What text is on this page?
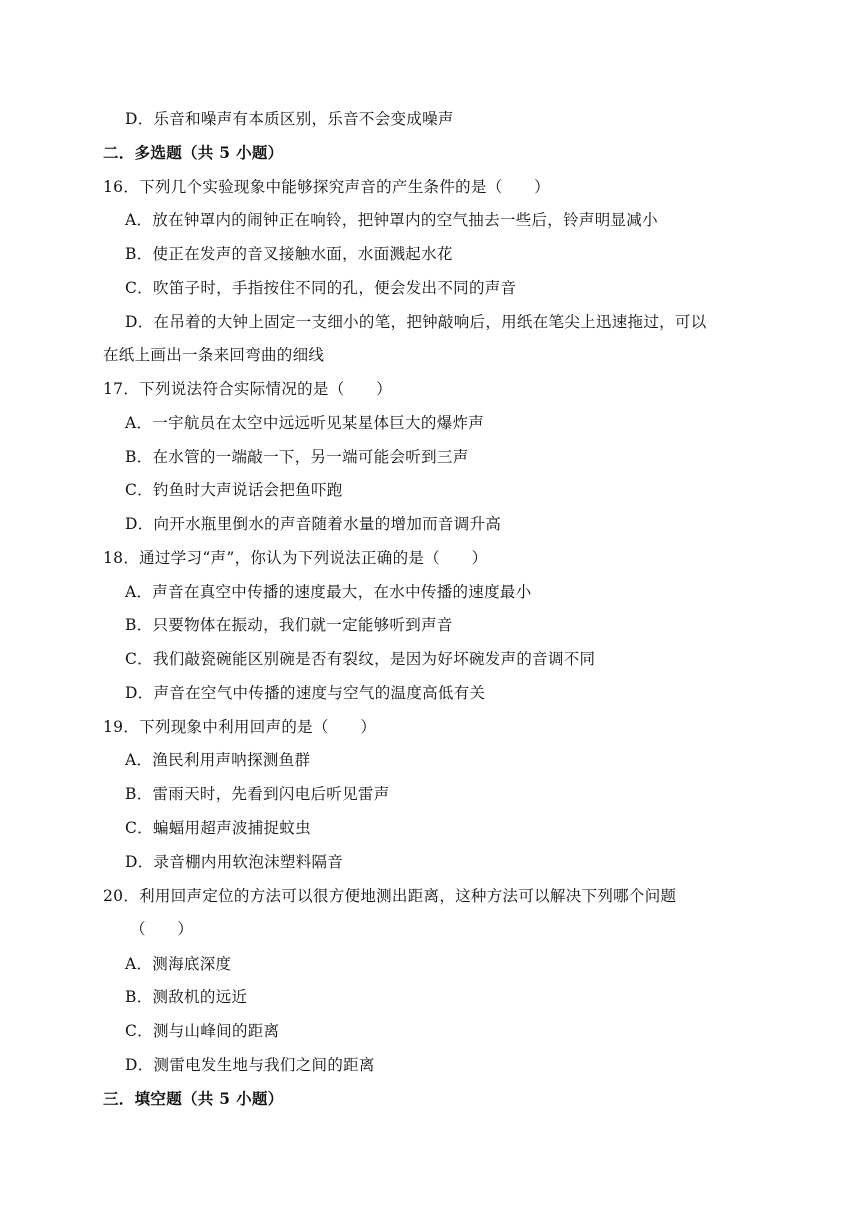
D．乐音和噪声有本质区别，乐音不会变成噪声
二．多选题（共 5 小题）
16．下列几个实验现象中能够探究声音的产生条件的是（　　）
A．放在钟罩内的闹钟正在响铃，把钟罩内的空气抽去一些后，铃声明显减小
B．使正在发声的音叉接触水面，水面溅起水花
C．吹笛子时，手指按住不同的孔，便会发出不同的声音
D．在吊着的大钟上固定一支细小的笔，把钟敲响后，用纸在笔尖上迅速拖过，可以
在纸上画出一条来回弯曲的细线
17．下列说法符合实际情况的是（　　）
A．一宇航员在太空中远远听见某星体巨大的爆炸声
B．在水管的一端敲一下，另一端可能会听到三声
C．钓鱼时大声说话会把鱼吓跑
D．向开水瓶里倒水的声音随着水量的增加而音调升高
18．通过学习“声”，你认为下列说法正确的是（　　）
A．声音在真空中传播的速度最大，在水中传播的速度最小
B．只要物体在振动，我们就一定能够听到声音
C．我们敲瓷碗能区别碗是否有裂纹，是因为好坏碗发声的音调不同
D．声音在空气中传播的速度与空气的温度高低有关
19．下列现象中利用回声的是（　　）
A．渔民利用声呐探测鱼群
B．雷雨天时，先看到闪电后听见雷声
C．蝙蝠用超声波捕捉蚊虫
D．录音棚内用软泡沫塑料隔音
20．利用回声定位的方法可以很方便地测出距离，这种方法可以解决下列哪个问题
（　　）
A．测海底深度
B．测敌机的远近
C．测与山峰间的距离
D．测雷电发生地与我们之间的距离
三．填空题（共 5 小题）
